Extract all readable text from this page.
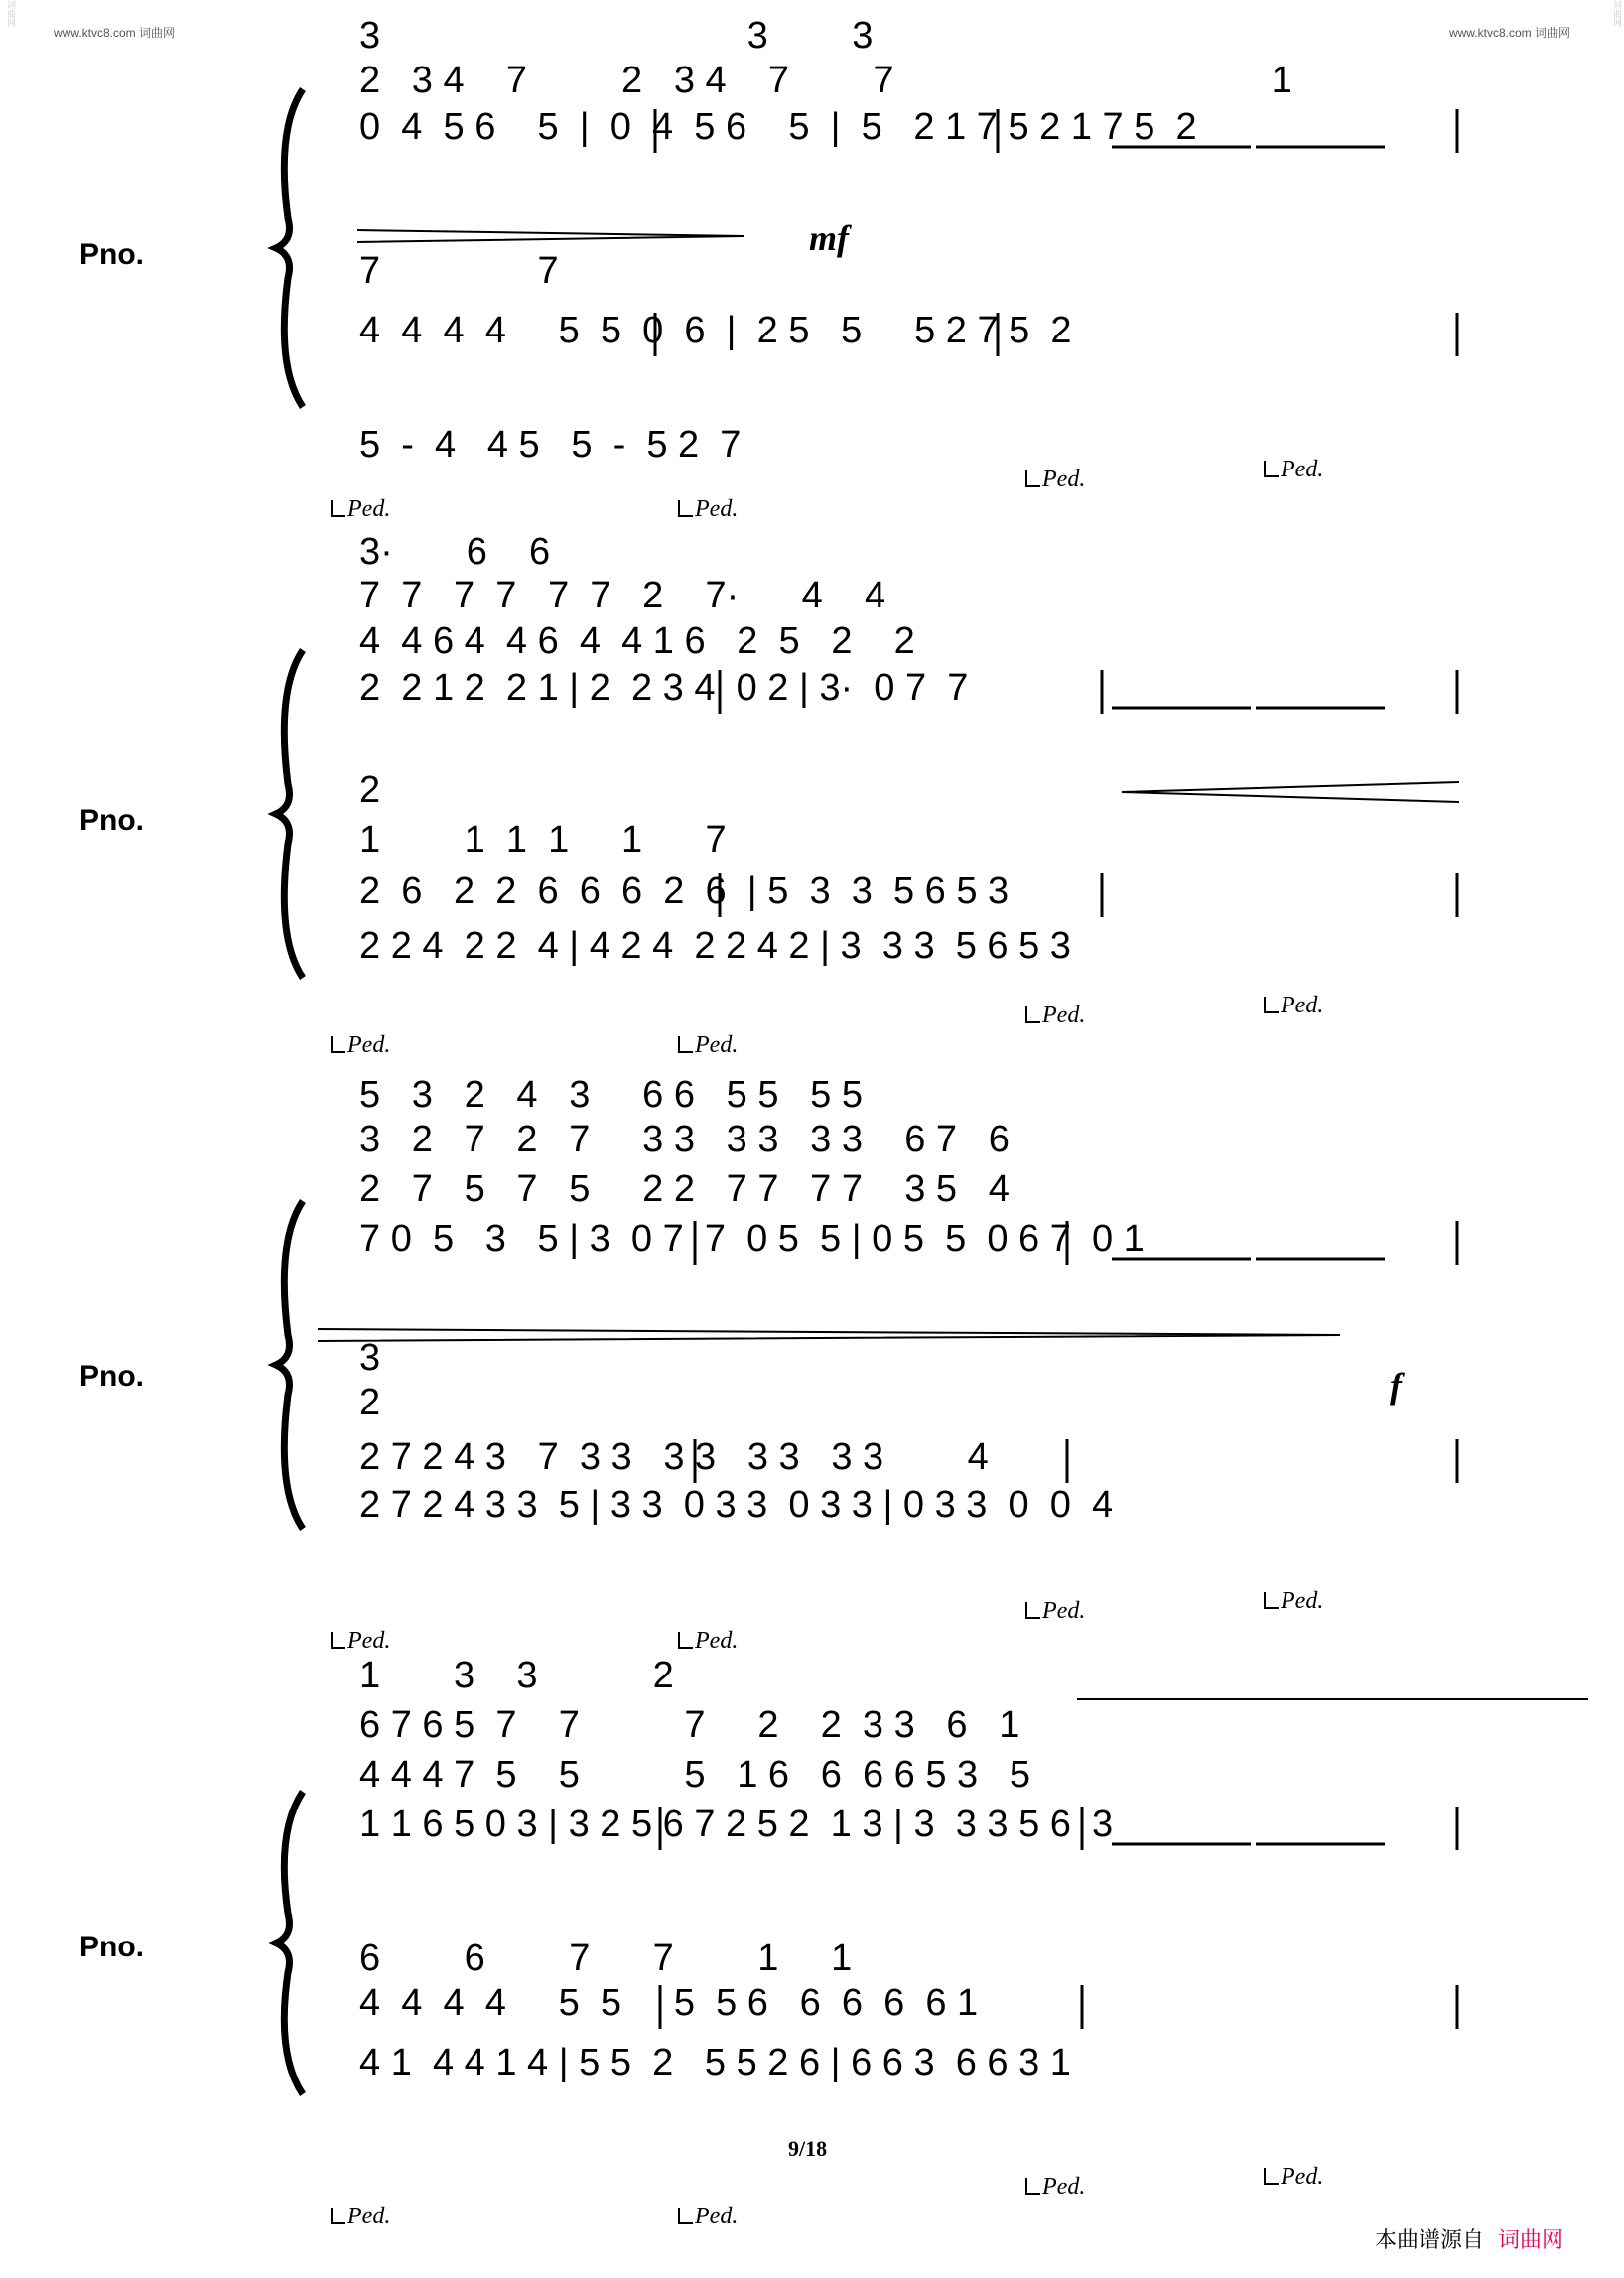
www.ktvc8.com 词曲网	www.ktvc8.com 词曲网
词曲网	词曲网
Pno.
Pno.
Pno.
Pno.
3                                   3        3
2   3 4    7         2   3 4    7        7                                    1
0  4  5 6    5  |  0  4  5 6    5  |  5   2 1 7 5 2 1 7 5  2
7               7
4  4  4  4     5  5  0  6  |  2 5   5     5 2 7 5  2
5  -  4   4 5   5  -  5 2  7
mf
Ped.	Ped.
Ped.	Ped.
3·       6    6
7  7   7  7   7  7   2    7·      4    4
4  4 6 4  4 6  4  4 1 6   2  5   2    2
2  2 1 2  2 1 | 2  2 3 4  0 2 | 3·  0 7  7
2
1        1  1  1     1      7
2  6   2  2  6  6  6  2  6  | 5  3  3  5 6 5 3
2 2 4  2 2  4 | 4 2 4  2 2 4 2 | 3  3 3  5 6 5 3
Ped.	Ped.
Ped.	Ped.
5   3   2   4   3     6 6   5 5   5 5
3   2   7   2   7     3 3   3 3   3 3    6 7   6
2   7   5   7   5     2 2   7 7   7 7    3 5   4
7 0  5   3   5 | 3  0 7  7  0 5  5 | 0 5  5  0 6 7  0 1
3
2
2 7 2 4 3   7  3 3   3 3   3 3   3 3        4
2 7 2 4 3 3  5 | 3 3  0 3 3  0 3 3 | 0 3 3  0  0  4
f
Ped.	Ped.
Ped.	Ped.
1       3    3           2
6 7 6 5  7    7          7     2    2  3 3   6   1
4 4 4 7  5    5          5   1 6   6  6 6 5 3   5
1 1 6 5 0 3 | 3 2 5 6 7 2 5 2  1 3 | 3  3 3 5 6  3
6        6        7      7        1     1
4  4  4  4     5  5     5  5 6   6  6  6  6 1
4 1  4 4 1 4 | 5 5  2   5 5 2 6 | 6 6 3  6 6 3 1
Ped.	Ped.
Ped.	Ped.
9/18
本曲谱源自 词曲网
